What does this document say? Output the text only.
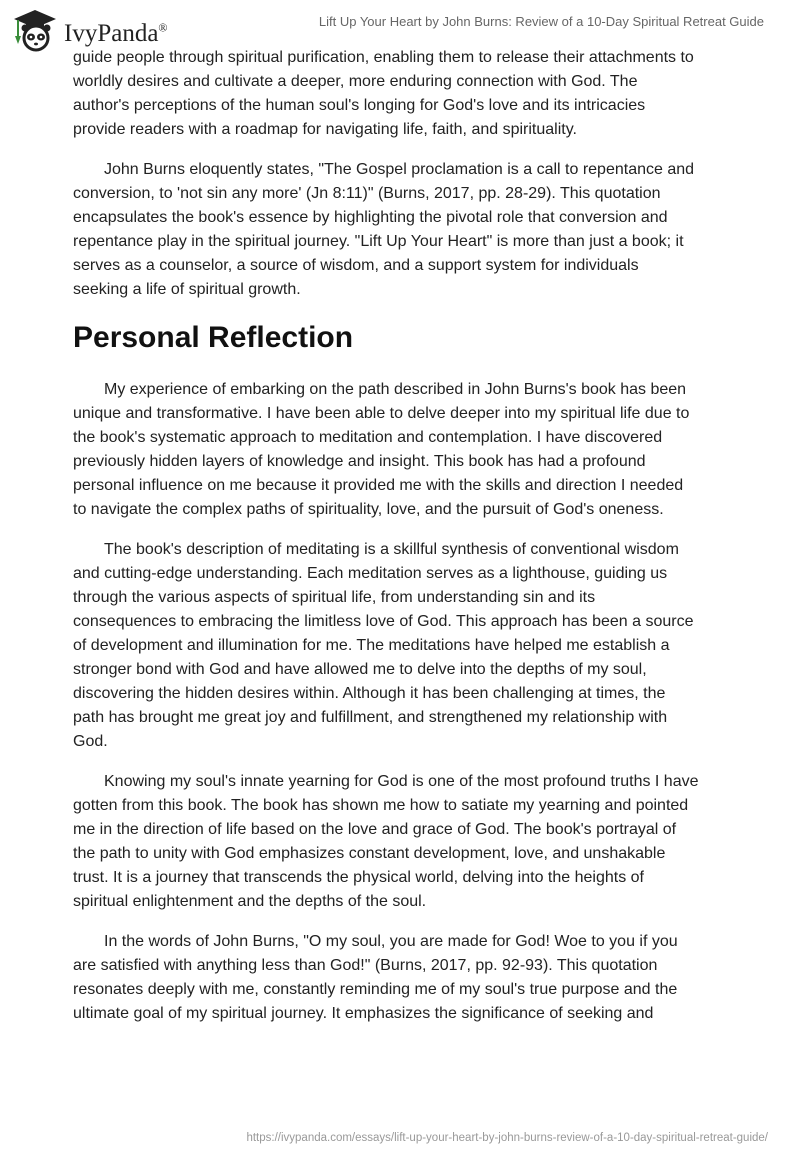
IvyPanda®	Lift Up Your Heart by John Burns: Review of a 10-Day Spiritual Retreat Guide

guide people through spiritual purification, enabling them to release their attachments to
worldly desires and cultivate a deeper, more enduring connection with God. The
author's perceptions of the human soul's longing for God's love and its intricacies
provide readers with a roadmap for navigating life, faith, and spirituality.

John Burns eloquently states, "The Gospel proclamation is a call to repentance and
conversion, to 'not sin any more' (Jn 8:11)" (Burns, 2017, pp. 28-29). This quotation
encapsulates the book's essence by highlighting the pivotal role that conversion and
repentance play in the spiritual journey. "Lift Up Your Heart" is more than just a book; it
serves as a counselor, a source of wisdom, and a support system for individuals
seeking a life of spiritual growth.

Personal Reflection

My experience of embarking on the path described in John Burns's book has been
unique and transformative. I have been able to delve deeper into my spiritual life due to
the book's systematic approach to meditation and contemplation. I have discovered
previously hidden layers of knowledge and insight. This book has had a profound
personal influence on me because it provided me with the skills and direction I needed
to navigate the complex paths of spirituality, love, and the pursuit of God's oneness.

The book's description of meditating is a skillful synthesis of conventional wisdom
and cutting-edge understanding. Each meditation serves as a lighthouse, guiding us
through the various aspects of spiritual life, from understanding sin and its
consequences to embracing the limitless love of God. This approach has been a source
of development and illumination for me. The meditations have helped me establish a
stronger bond with God and have allowed me to delve into the depths of my soul,
discovering the hidden desires within. Although it has been challenging at times, the
path has brought me great joy and fulfillment, and strengthened my relationship with
God.

Knowing my soul's innate yearning for God is one of the most profound truths I have
gotten from this book. The book has shown me how to satiate my yearning and pointed
me in the direction of life based on the love and grace of God. The book's portrayal of
the path to unity with God emphasizes constant development, love, and unshakable
trust. It is a journey that transcends the physical world, delving into the heights of
spiritual enlightenment and the depths of the soul.

In the words of John Burns, "O my soul, you are made for God! Woe to you if you
are satisfied with anything less than God!" (Burns, 2017, pp. 92-93). This quotation
resonates deeply with me, constantly reminding me of my soul's true purpose and the
ultimate goal of my spiritual journey. It emphasizes the significance of seeking and

https://ivypanda.com/essays/lift-up-your-heart-by-john-burns-review-of-a-10-day-spiritual-retreat-guide/
